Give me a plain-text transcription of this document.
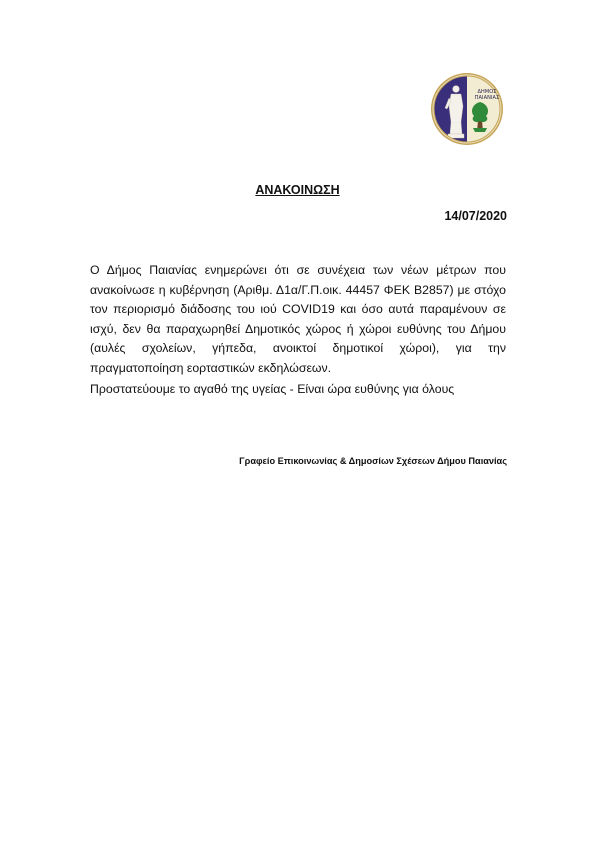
ΔΗΜΟΣ
ΠΑΙΑΝΙΑΣ
ΑΝΑΚΟΙΝΩΣΗ
14/07/2020
Ο Δήμος Παιανίας ενημερώνει ότι σε συνέχεια των νέων μέτρων που ανακοίνωσε η κυβέρνηση (Αριθμ. Δ1α/Γ.Π.οικ. 44457 ΦΕΚ Β2857) με στόχο τον περιορισμό διάδοσης του ιού COVID19 και όσο αυτά παραμένουν σε ισχύ, δεν θα παραχωρηθεί Δημοτικός χώρος ή χώροι ευθύνης του Δήμου (αυλές σχολείων, γήπεδα, ανοικτοί δημοτικοί χώροι), για την πραγματοποίηση εορταστικών εκδηλώσεων.
Προστατεύουμε το αγαθό της υγείας - Είναι ώρα ευθύνης για όλους
Γραφείο Επικοινωνίας & Δημοσίων Σχέσεων Δήμου Παιανίας
